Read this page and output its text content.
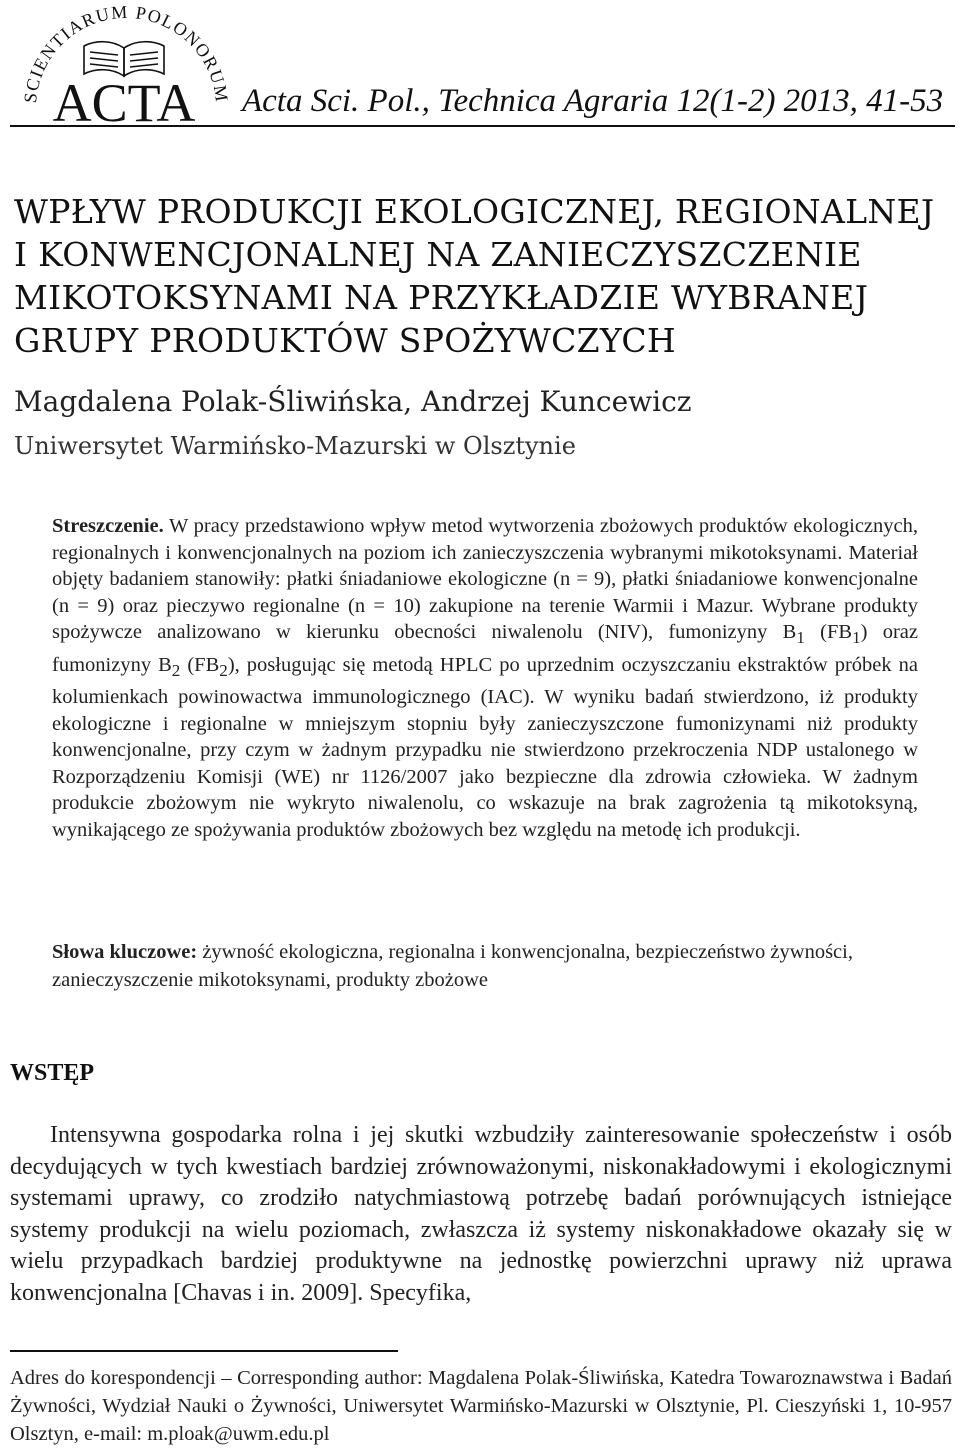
SCIENTIARUM POLONORUM
ACTA Acta Sci. Pol., Technica Agraria 12(1-2) 2013, 41-53
WPŁYW PRODUKCJI EKOLOGICZNEJ, REGIONALNEJ
I KONWENCJONALNEJ NA ZANIECZYSZCZENIE
MIKOTOKSYNAMI NA PRZYKŁADZIE WYBRANEJ
GRUPY PRODUKTÓW SPOŻYWCZYCH
Magdalena Polak-Śliwińska, Andrzej Kuncewicz
Uniwersytet Warmińsko-Mazurski w Olsztynie

Streszczenie. W pracy przedstawiono wpływ metod wytworzenia zbożowych produktów ekologicznych, regionalnych i konwencjonalnych na poziom ich zanieczyszczenia wybranymi mikotoksynami. Materiał objęty badaniem stanowiły: płatki śniadaniowe ekologiczne (n = 9), płatki śniadaniowe konwencjonalne (n = 9) oraz pieczywo regionalne (n = 10) zakupione na terenie Warmii i Mazur. Wybrane produkty spożywcze analizowano w kierunku obecności niwalenolu (NIV), fumonizyny $B_1$ $(FB_1)$ oraz fumonizyny $B_2$ $(FB_2)$, posługując się metodą HPLC po uprzednim oczyszczaniu ekstraktów próbek na kolumienkach powinowactwa immunologicznego (IAC). W wyniku badań stwierdzono, iż produkty ekologiczne i regionalne w mniejszym stopniu były zanieczyszczone fumonizynami niż produkty konwencjonalne, przy czym w żadnym przypadku nie stwierdzono przekroczenia NDP ustalonego w Rozporządzeniu Komisji (WE) nr 1126/2007 jako bezpieczne dla zdrowia człowieka. W żadnym produkcie zbożowym nie wykryto niwalenolu, co wskazuje na brak zagrożenia tą mikotoksyną, wynikającego ze spożywania produktów zbożowych bez względu na metodę ich produkcji.

Słowa kluczowe: żywność ekologiczna, regionalna i konwencjonalna, bezpieczeństwo żywności, zanieczyszczenie mikotoksynami, produkty zbożowe

WSTĘP

Intensywna gospodarka rolna i jej skutki wzbudziły zainteresowanie społeczeństw i osób decydujących w tych kwestiach bardziej zrównoważonymi, niskonakładowymi i ekologicznymi systemami uprawy, co zrodziło natychmiastową potrzebę badań porównujących istniejące systemy produkcji na wielu poziomach, zwłaszcza iż systemy niskonakładowe okazały się w wielu przypadkach bardziej produktywne na jednostkę powierzchni uprawy niż uprawa konwencjonalna [Chavas i in. 2009]. Specyfika,

Adres do korespondencji – Corresponding author: Magdalena Polak-Śliwińska, Katedra Towaroznawstwa i Badań Żywności, Wydział Nauki o Żywności, Uniwersytet Warmińsko-Mazurski w Olsztynie, Pl. Cieszyński 1, 10-957 Olsztyn, e-mail: m.ploak@uwm.edu.pl
